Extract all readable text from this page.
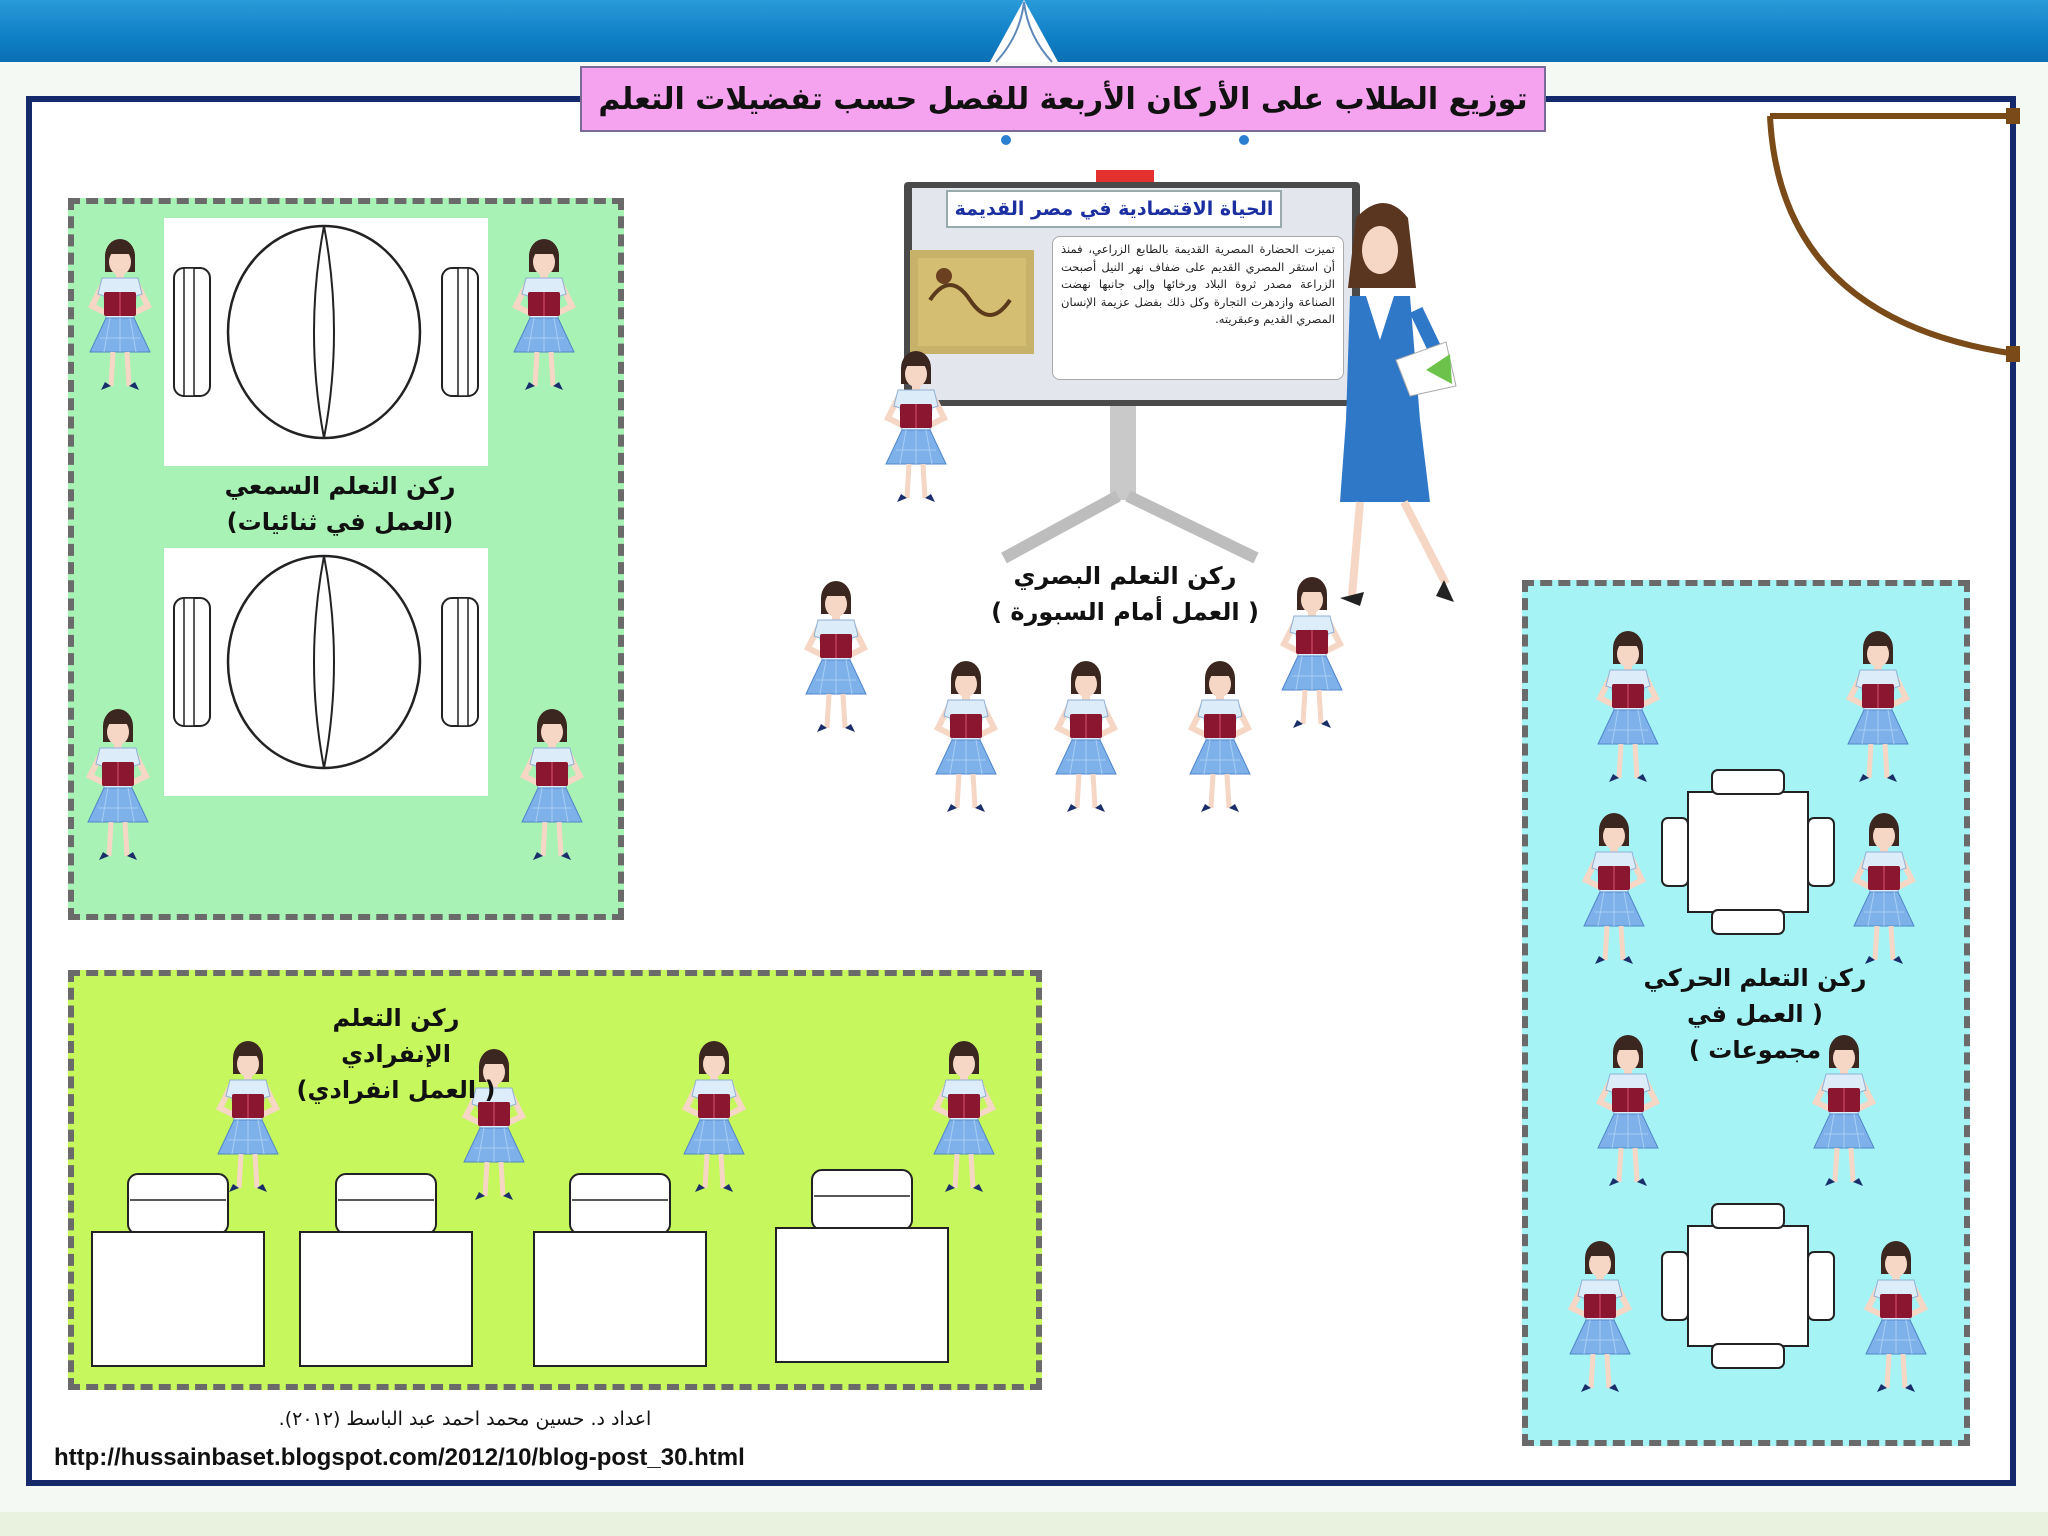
توزيع الطلاب على الأركان الأربعة للفصل حسب تفضيلات التعلم
الحياة الاقتصادية في مصر القديمة
تميزت الحضارة المصرية القديمة بالطابع الزراعي، فمنذ أن استقر المصري القديم على ضفاف نهر النيل أصبحت الزراعة مصدر ثروة البلاد ورخائها وإلى جانبها نهضت الصناعة وازدهرت التجارة وكل ذلك بفضل عزيمة الإنسان المصري القديم وعبقريته.
ركن التعلم السمعي
(العمل في ثنائيات)
ركن التعلم البصري
( العمل أمام السبورة )
ركن التعلم الحركي
( العمل في مجموعات )
ركن التعلم الإنفرادي
( العمل انفرادي)
اعداد د. حسين محمد احمد عبد الباسط (٢٠١٢).
http://hussainbaset.blogspot.com/2012/10/blog-post_30.html
